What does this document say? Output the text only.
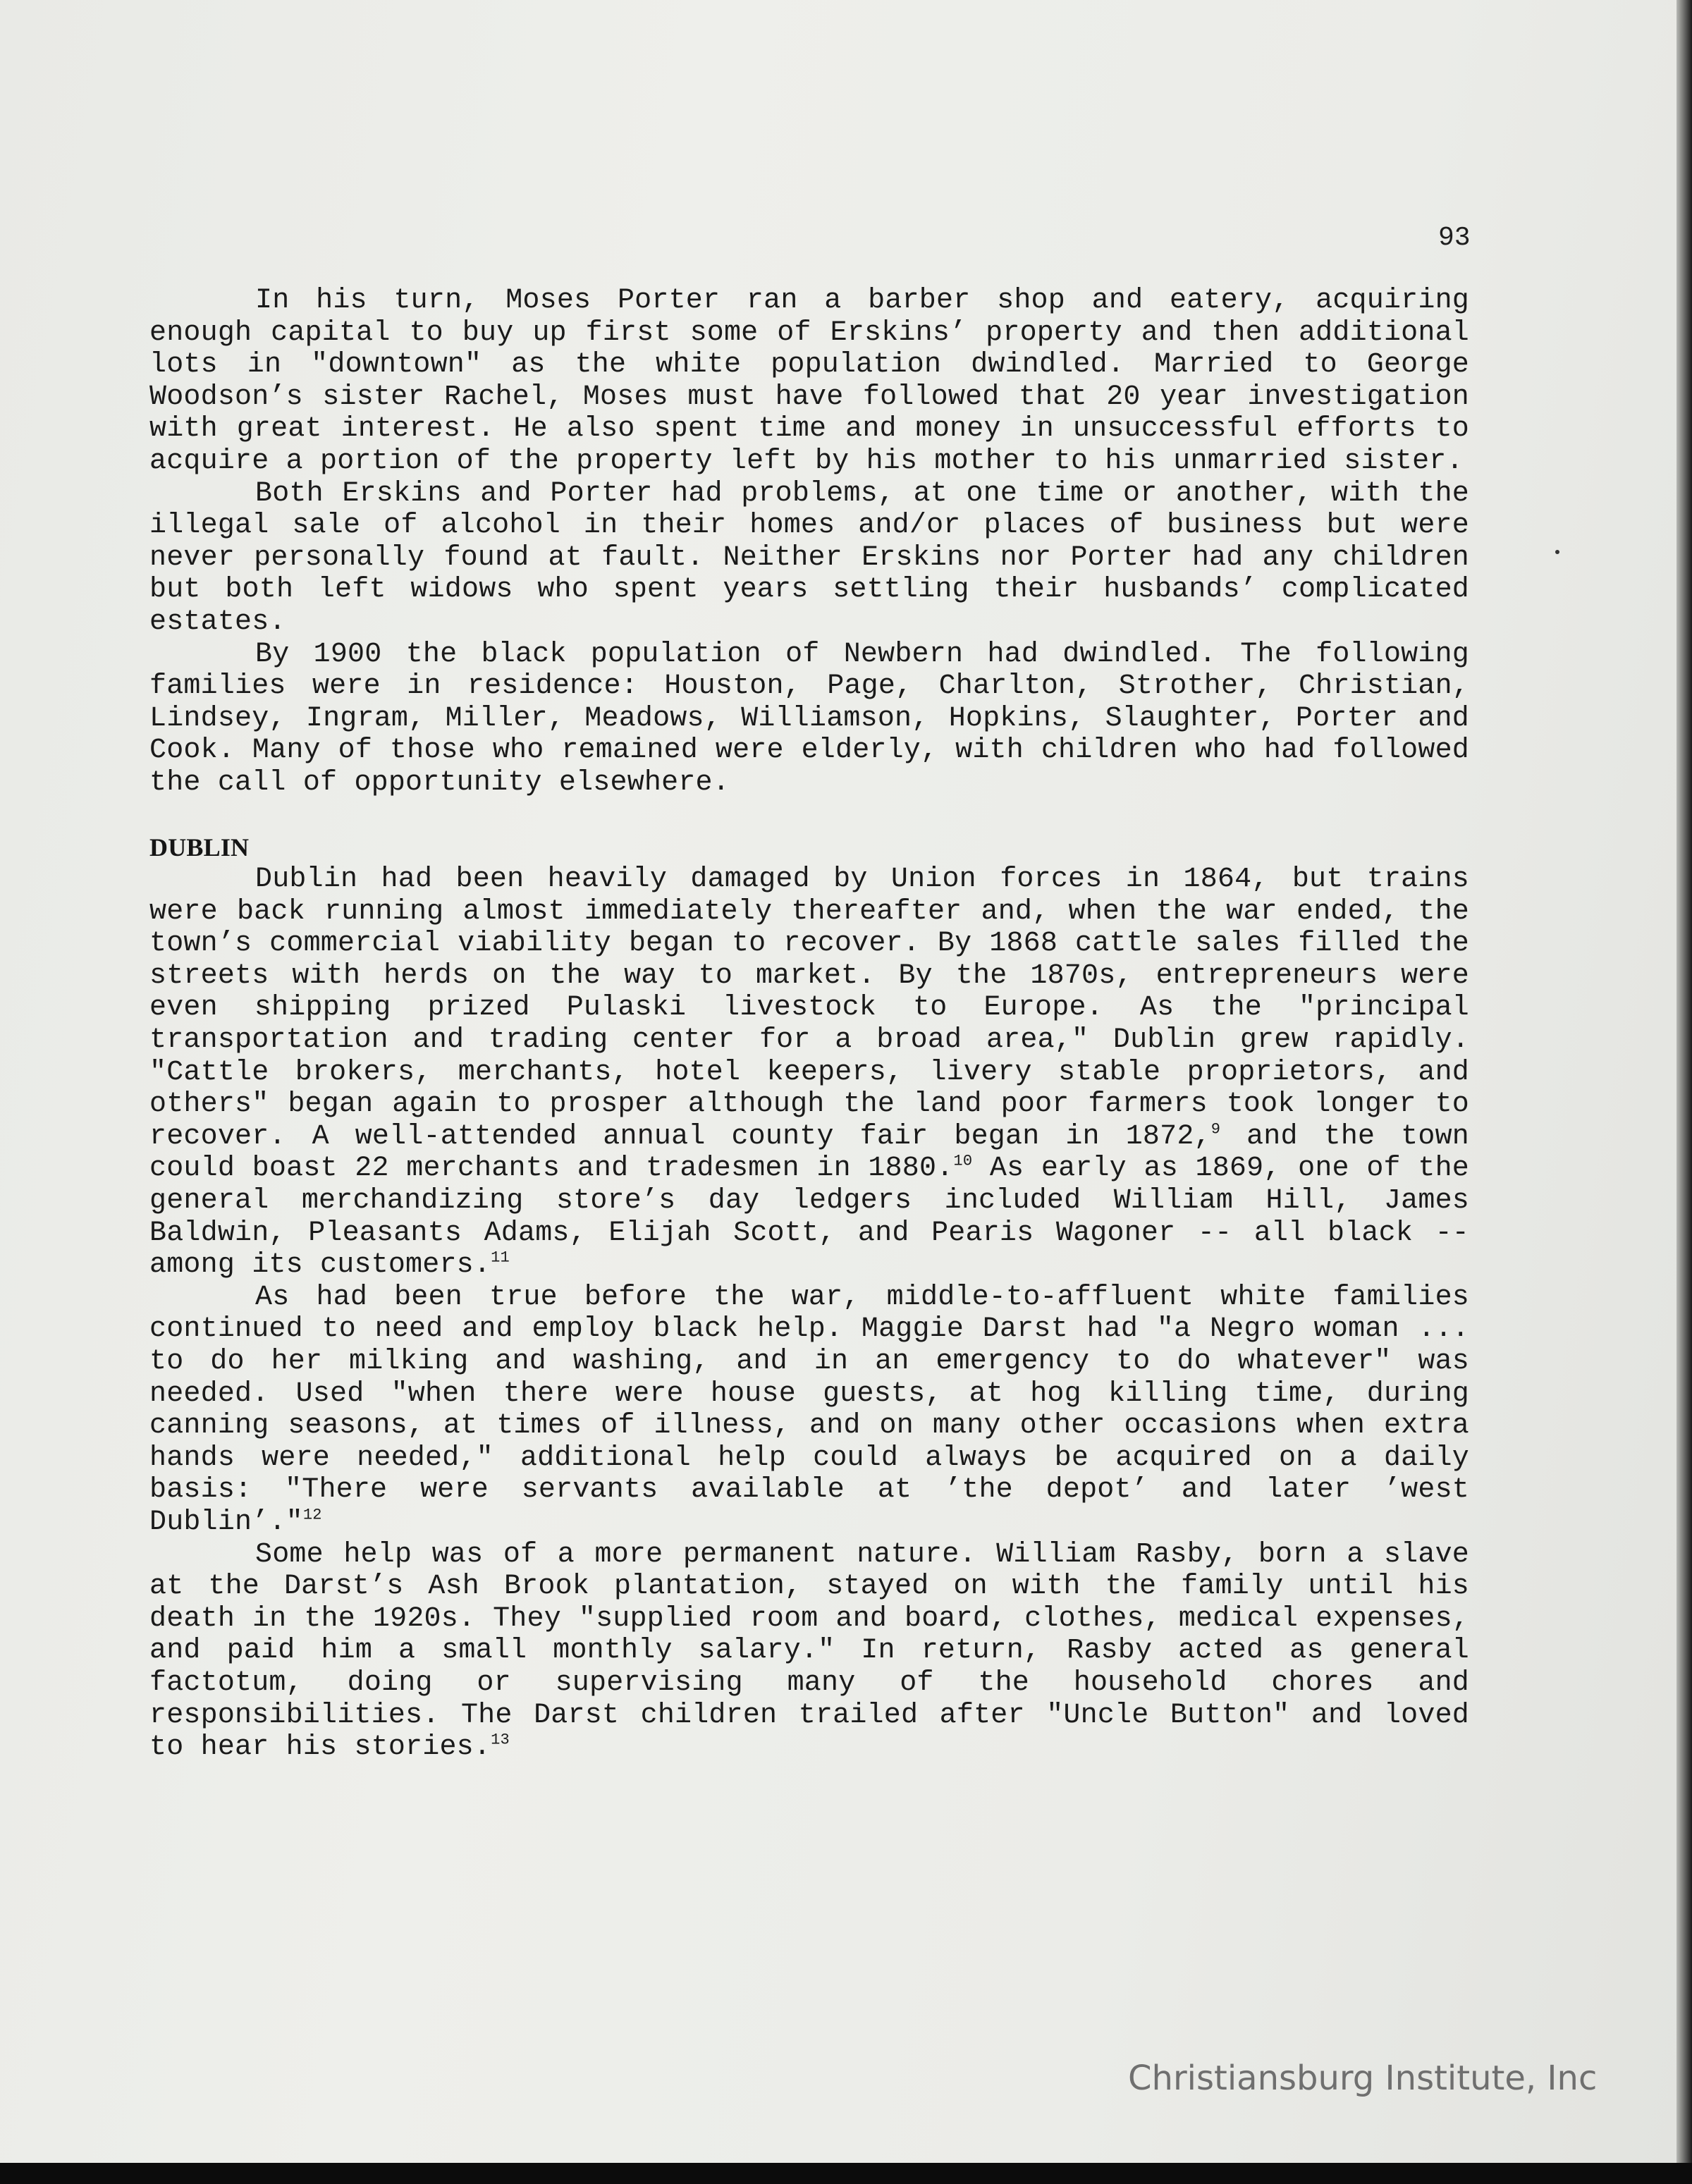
93

In his turn, Moses Porter ran a barber shop and eatery, acquiring enough capital to buy up first some of Erskins’ property and then additional lots in "downtown" as the white population dwindled. Married to George Woodson’s sister Rachel, Moses must have followed that 20 year investigation with great interest. He also spent time and money in unsuccessful efforts to acquire a portion of the property left by his mother to his unmarried sister.

Both Erskins and Porter had problems, at one time or another, with the illegal sale of alcohol in their homes and/or places of business but were never personally found at fault. Neither Erskins nor Porter had any children but both left widows who spent years settling their husbands’ complicated estates.

By 1900 the black population of Newbern had dwindled. The following families were in residence: Houston, Page, Charlton, Strother, Christian, Lindsey, Ingram, Miller, Meadows, Williamson, Hopkins, Slaughter, Porter and Cook. Many of those who remained were elderly, with children who had followed the call of opportunity elsewhere.

DUBLIN

Dublin had been heavily damaged by Union forces in 1864, but trains were back running almost immediately thereafter and, when the war ended, the town’s commercial viability began to recover. By 1868 cattle sales filled the streets with herds on the way to market. By the 1870s, entrepreneurs were even shipping prized Pulaski livestock to Europe. As the "principal transportation and trading center for a broad area," Dublin grew rapidly. "Cattle brokers, merchants, hotel keepers, livery stable proprietors, and others" began again to prosper although the land poor farmers took longer to recover. A well-attended annual county fair began in 1872,$^9$ and the town could boast 22 merchants and tradesmen in 1880.10 As early as 1869, one of the general merchandizing store’s day ledgers included William Hill, James Baldwin, Pleasants Adams, Elijah Scott, and Pearis Wagoner -- all black -- among its customers.$^{11}$

As had been true before the war, middle-to-affluent white families continued to need and employ black help. Maggie Darst had "a Negro woman ... to do her milking and washing, and in an emergency to do whatever" was needed. Used "when there were house guests, at hog killing time, during canning seasons, at times of illness, and on many other occasions when extra hands were needed," additional help could always be acquired on a daily basis: "There were servants available at ’the depot’ and later ’west Dublin’."$^{12}$

Some help was of a more permanent nature. William Rasby, born a slave at the Darst’s Ash Brook plantation, stayed on with the family until his death in the 1920s. They "supplied room and board, clothes, medical expenses, and paid him a small monthly salary." In return, Rasby acted as general factotum, doing or supervising many of the household chores and responsibilities. The Darst children trailed after "Uncle Button" and loved to hear his stories.$^{13}$

Christiansburg Institute, Inc
